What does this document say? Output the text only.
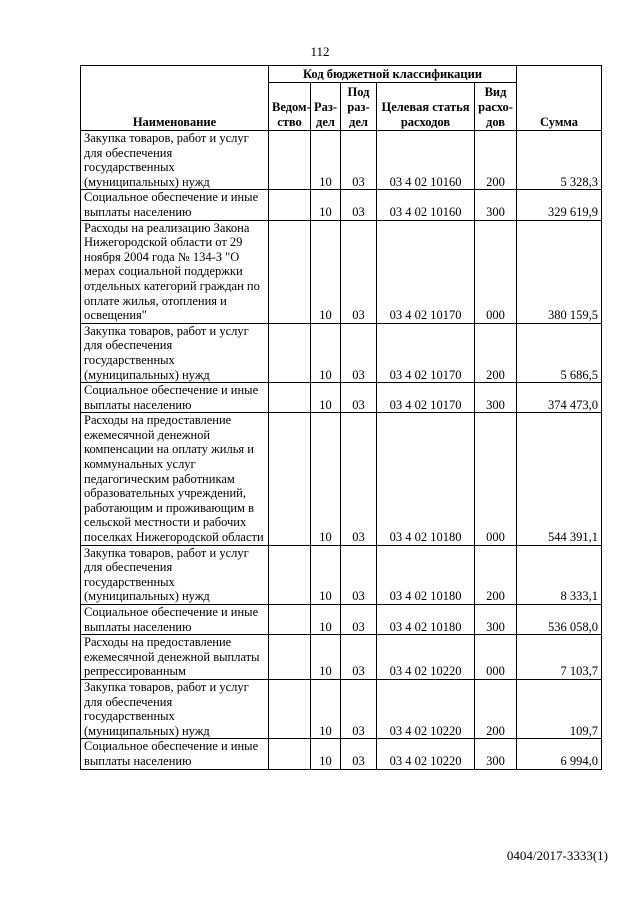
112
Наименование	Код бюджетной классификации					Сумма
	Ведом-ство	Раз-дел	Под раз-дел	Целевая статья расходов	Вид расхо-дов	
Закупка товаров, работ и услуг для обеспечения государственных (муниципальных) нужд		10	03	03 4 02 10160	200	5 328,3
Социальное обеспечение и иные выплаты населению		10	03	03 4 02 10160	300	329 619,9
Расходы на реализацию Закона Нижегородской области от 29 ноября 2004 года № 134-З "О мерах социальной поддержки отдельных категорий граждан по оплате жилья, отопления и освещения"		10	03	03 4 02 10170	000	380 159,5
Закупка товаров, работ и услуг для обеспечения государственных (муниципальных) нужд		10	03	03 4 02 10170	200	5 686,5
Социальное обеспечение и иные выплаты населению		10	03	03 4 02 10170	300	374 473,0
Расходы на предоставление ежемесячной денежной компенсации на оплату жилья и коммунальных услуг педагогическим работникам образовательных учреждений, работающим и проживающим в сельской местности и рабочих поселках Нижегородской области		10	03	03 4 02 10180	000	544 391,1
Закупка товаров, работ и услуг для обеспечения государственных (муниципальных) нужд		10	03	03 4 02 10180	200	8 333,1
Социальное обеспечение и иные выплаты населению		10	03	03 4 02 10180	300	536 058,0
Расходы на предоставление ежемесячной денежной выплаты репрессированным		10	03	03 4 02 10220	000	7 103,7
Закупка товаров, работ и услуг для обеспечения государственных (муниципальных) нужд		10	03	03 4 02 10220	200	109,7
Социальное обеспечение и иные выплаты населению		10	03	03 4 02 10220	300	6 994,0
0404/2017-3333(1)
